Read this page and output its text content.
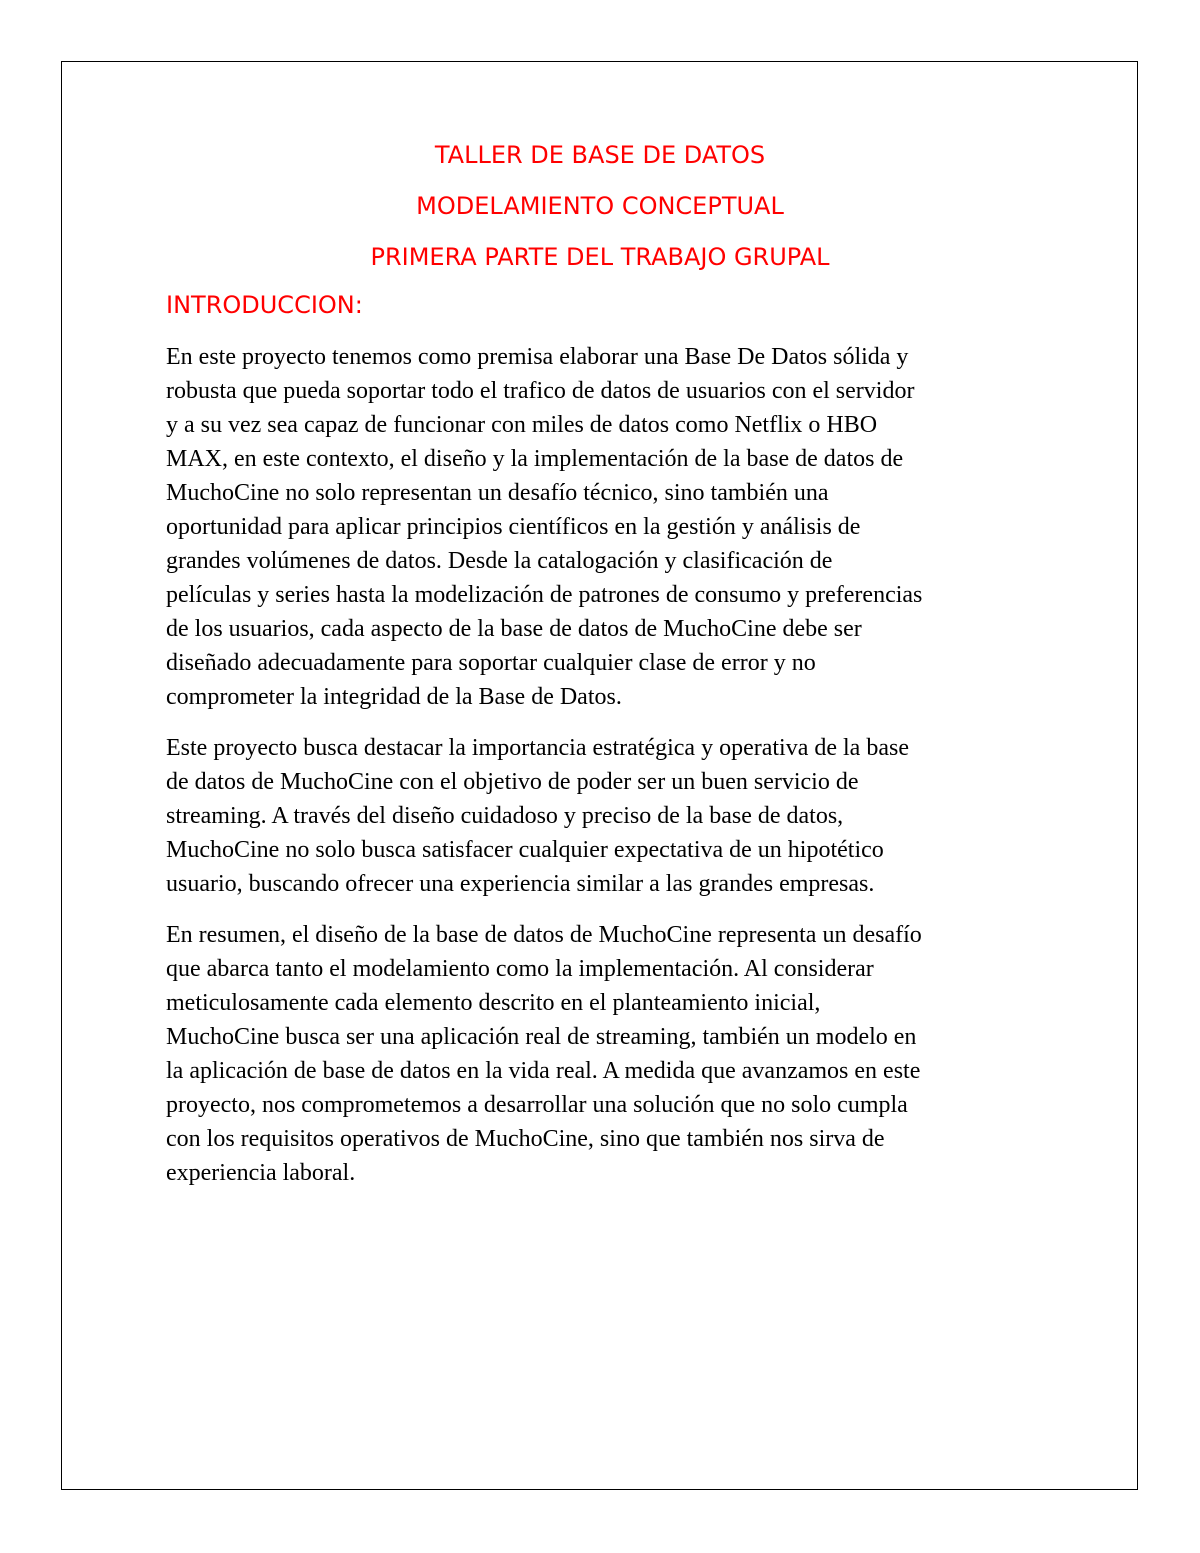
TALLER DE BASE DE DATOS
MODELAMIENTO CONCEPTUAL
PRIMERA PARTE DEL TRABAJO GRUPAL
INTRODUCCION:

En este proyecto tenemos como premisa elaborar una Base De Datos sólida y
robusta que pueda soportar todo el trafico de datos de usuarios con el servidor
y a su vez sea capaz de funcionar con miles de datos como Netflix o HBO
MAX, en este contexto, el diseño y la implementación de la base de datos de
MuchoCine no solo representan un desafío técnico, sino también una
oportunidad para aplicar principios científicos en la gestión y análisis de
grandes volúmenes de datos. Desde la catalogación y clasificación de
películas y series hasta la modelización de patrones de consumo y preferencias
de los usuarios, cada aspecto de la base de datos de MuchoCine debe ser
diseñado adecuadamente para soportar cualquier clase de error y no
comprometer la integridad de la Base de Datos.

Este proyecto busca destacar la importancia estratégica y operativa de la base
de datos de MuchoCine con el objetivo de poder ser un buen servicio de
streaming. A través del diseño cuidadoso y preciso de la base de datos,
MuchoCine no solo busca satisfacer cualquier expectativa de un hipotético
usuario, buscando ofrecer una experiencia similar a las grandes empresas.

En resumen, el diseño de la base de datos de MuchoCine representa un desafío
que abarca tanto el modelamiento como la implementación. Al considerar
meticulosamente cada elemento descrito en el planteamiento inicial,
MuchoCine busca ser una aplicación real de streaming, también un modelo en
la aplicación de base de datos en la vida real. A medida que avanzamos en este
proyecto, nos comprometemos a desarrollar una solución que no solo cumpla
con los requisitos operativos de MuchoCine, sino que también nos sirva de
experiencia laboral.
